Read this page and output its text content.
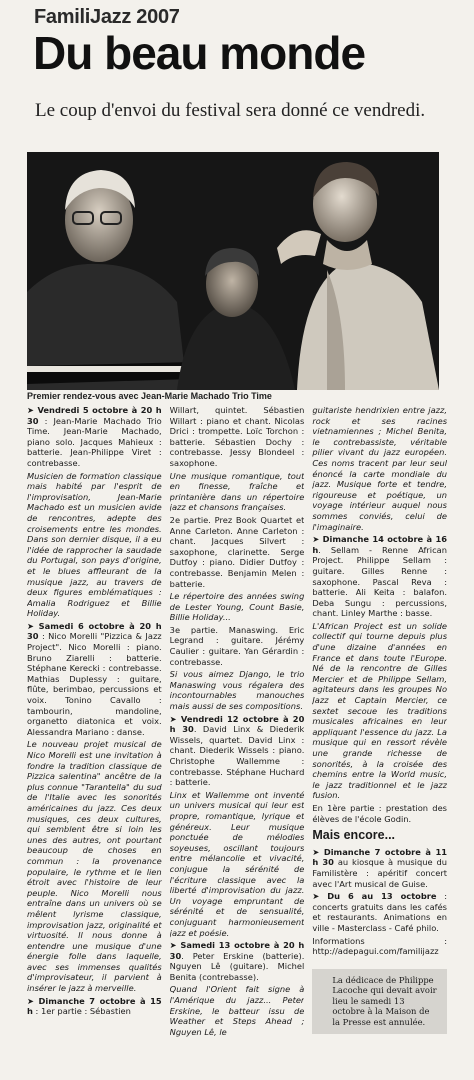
FamiliJazz 2007
Du beau monde
Le coup d'envoi du festival sera donné ce vendredi.
Premier rendez-vous avec Jean-Marie Machado Trio Time

➤ Vendredi 5 octobre à 20 h 30 : Jean-Marie Machado Trio Time. Jean-Marie Machado, piano solo. Jacques Mahieux : batterie. Jean-Philippe Viret : contrebasse.

Musicien de formation classique mais habité par l'esprit de l'improvisation, Jean-Marie Machado est un musicien avide de rencontres, adepte des croisements entre les mondes. Dans son dernier disque, il a eu l'idée de rapprocher la saudade du Portugal, son pays d'origine, et le blues affleurant de la musique jazz, au travers de deux figures emblématiques : Amalia Rodriguez et Billie Holiday.

➤ Samedi 6 octobre à 20 h 30 : Nico Morelli "Pizzica & Jazz Project". Nico Morelli : piano. Bruno Ziarelli : batterie. Stéphane Kerecki : contrebasse. Mathias Duplessy : guitare, flûte, berimbao, percussions et voix. Tonino Cavallo : tambourin, mandoline, organetto diatonica et voix. Alessandra Mariano : danse.

Le nouveau projet musical de Nico Morelli est une invitation à fondre la tradition classique de Pizzica salentina" ancêtre de la plus connue "Tarantella" du sud de l'Italie avec les sonorités américaines du jazz. Ces deux musiques, ces deux cultures, qui semblent être si loin les unes des autres, ont pourtant beaucoup de choses en commun : la provenance populaire, le rythme et le lien étroit avec l'histoire de leur peuple. Nico Morelli nous entraîne dans un univers où se mêlent lyrisme classique, improvisation jazz, originalité et virtuosité. Il nous donne à entendre une musique d'une énergie folle dans laquelle, avec ses immenses qualités d'improvisateur, il parvient à insérer le jazz à merveille.

➤ Dimanche 7 octobre à 15 h : 1er partie : Sébastien

Willart, quintet. Sébastien Willart : piano et chant. Nicolas Drici : trompette. Loïc Torchon : batterie. Sébastien Dochy : contrebasse. Jessy Blondeel : saxophone.

Une musique romantique, tout en finesse, fraîche et printanière dans un répertoire jazz et chansons françaises.

2e partie. Prez Book Quartet et Anne Carleton. Anne Carleton : chant. Jacques Silvert : saxophone, clarinette. Serge Dutfoy : piano. Didier Dutfoy : contrebasse. Benjamin Melen : batterie.

Le répertoire des années swing de Lester Young, Count Basie, Billie Holiday...

3e partie. Manaswing. Eric Legrand : guitare. Jérémy Caulier : guitare. Yan Gérardin : contrebasse.

Si vous aimez Django, le trio Manaswing vous régalera des incontournables manouches mais aussi de ses compositions.

➤ Vendredi 12 octobre à 20 h 30. David Linx & Diederik Wissels, quartet. David Linx : chant. Diederik Wissels : piano. Christophe Wallemme : contrebasse. Stéphane Huchard : batterie.

Linx et Wallemme ont inventé un univers musical qui leur est propre, romantique, lyrique et généreux. Leur musique ponctuée de mélodies soyeuses, oscillant toujours entre mélancolie et vivacité, conjugue la sérénité de l'écriture classique avec la liberté d'improvisation du jazz. Un voyage empruntant de sérénité et de sensualité, conjuguant harmonieusement jazz et poésie.

➤ Samedi 13 octobre à 20 h 30. Peter Erskine (batterie). Nguyen Lê (guitare). Michel Benita (contrebasse).

Quand l'Orient fait signe à l'Amérique du jazz... Peter Erskine, le batteur issu de Weather et Steps Ahead ; Nguyen Lê, le

guitariste hendrixien entre jazz, rock et ses racines vietnamiennes ; Michel Benita, le contrebassiste, véritable pilier vivant du jazz européen. Ces noms tracent par leur seul énoncé la carte mondiale du jazz. Musique forte et tendre, rigoureuse et poétique, un voyage intérieur auquel nous sommes conviés, celui de l'imaginaire.

➤ Dimanche 14 octobre à 16 h. Sellam - Renne African Project. Philippe Sellam : guitare. Gilles Renne : saxophone. Pascal Reva : batterie. Ali Keita : balafon. Deba Sungu : percussions, chant. Linley Marthe : basse.

L'African Project est un solide collectif qui tourne depuis plus d'une dizaine d'années en France et dans toute l'Europe. Né de la rencontre de Gilles Mercier et de Philippe Sellam, agitateurs dans les groupes No Jazz et Captain Mercier, ce sextet secoue les traditions musicales africaines en leur appliquant l'essence du jazz. La musique qui en ressort révèle une grande richesse de sonorités, à la croisée des chemins entre la World music, le jazz traditionnel et le jazz fusion.

En 1ère partie : prestation des élèves de l'école Godin.

Mais encore...

➤ Dimanche 7 octobre à 11 h 30 au kiosque à musique du Familistère : apéritif concert avec l'Art musical de Guise.

➤ Du 6 au 13 octobre : concerts gratuits dans les cafés et restaurants. Animations en ville - Masterclass - Café philo.

Informations : http://adepagui.com/familijazz

La dédicace de Philippe Lacoche qui devait avoir lieu le samedi 13 octobre à la Maison de la Presse est annulée.
